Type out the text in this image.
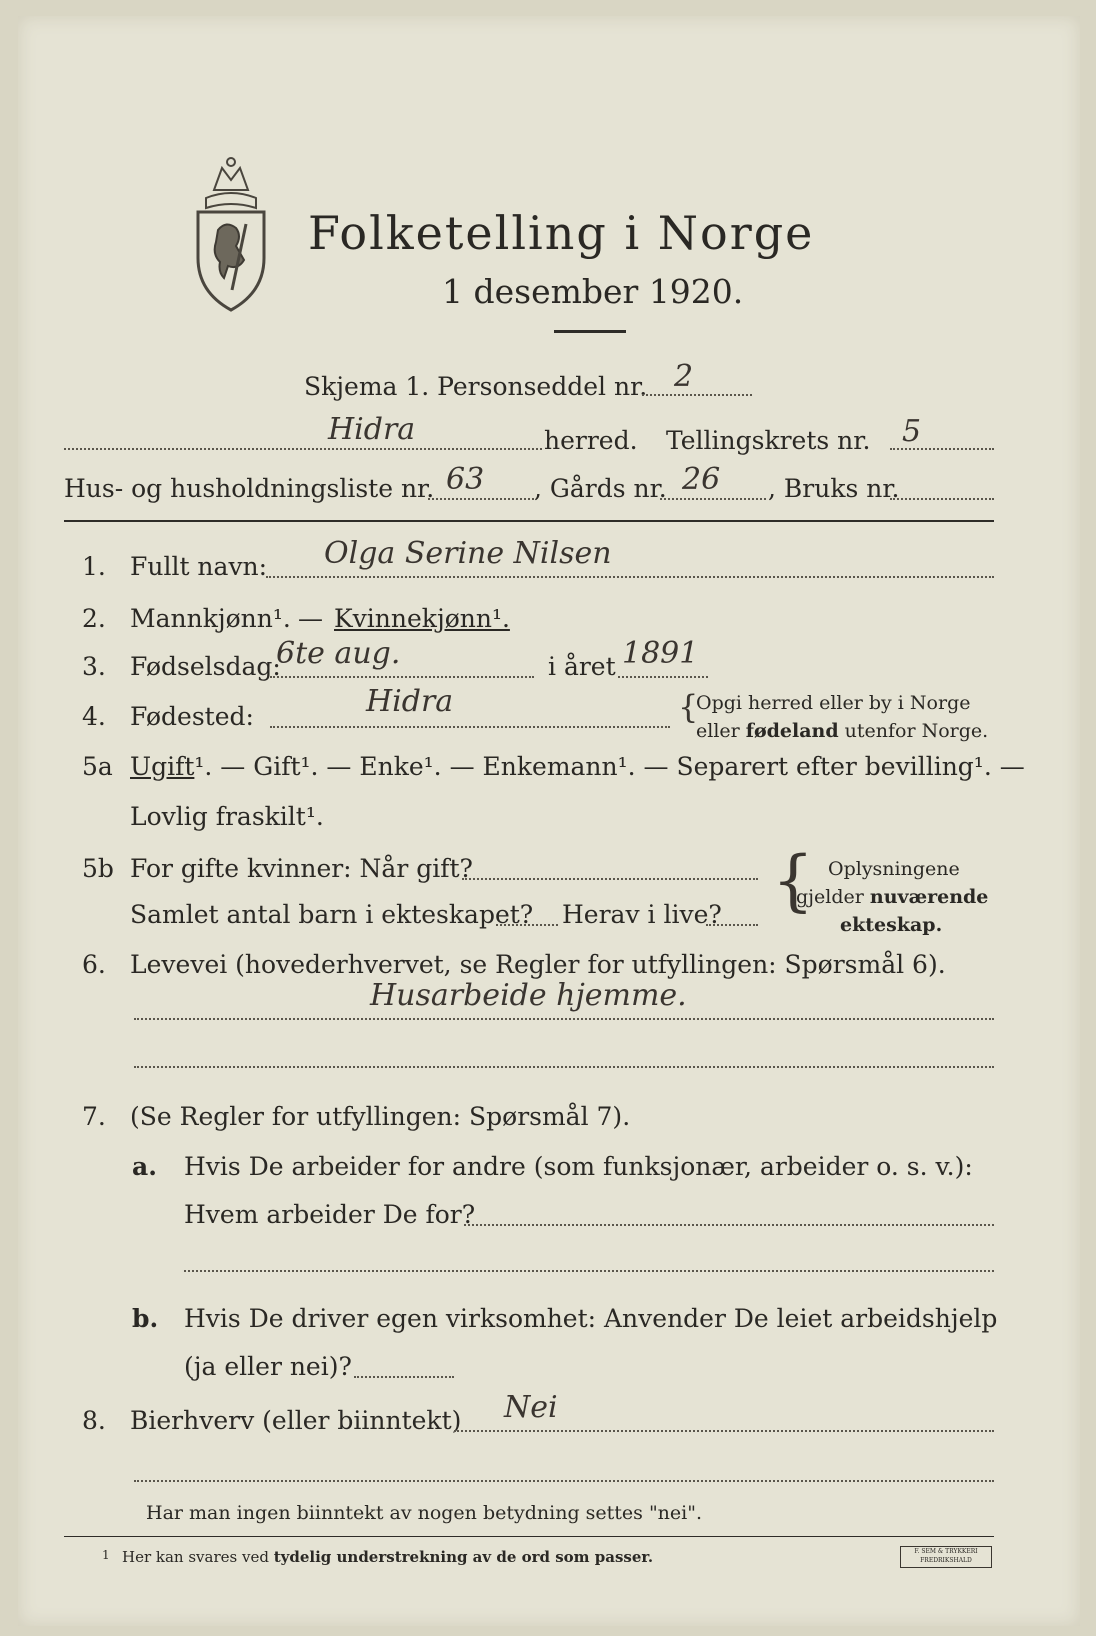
Folketelling i Norge
1 desember 1920.
Skjema 1. Personseddel nr. 2
Hidra	herred. Tellingskrets nr. 5
Hus- og husholdningsliste nr. 63 , Gårds nr. 26 , Bruks nr.
1. Fullt navn: Olga Serine Nilsen
2. Mannkjønn¹. — Kvinnekjønn¹.
3. Fødselsdag:
6te aug.	i året 1891
4. Fødested:	Hidra	{
Opgi herred eller by i Norge
eller fødeland utenfor Norge.
5a Ugift¹. — Gift¹. — Enke¹. — Enkemann¹. — Separert efter bevilling¹. —
Lovlig fraskilt¹.
5b For gifte kvinner: Når gift?
Samlet antal barn i ekteskapet? Herav i live? { Oplysningene
gjelder nuværende
ekteskap.
6. Levevei (hovederhvervet, se Regler for utfyllingen: Spørsmål 6).
Husarbeide hjemme.
7. (Se Regler for utfyllingen: Spørsmål 7).
a. Hvis De arbeider for andre (som funksjonær, arbeider o. s. v.):
Hvem arbeider De for?
b. Hvis De driver egen virksomhet: Anvender De leiet arbeidshjelp
(ja eller nei)?
8. Bierhverv (eller biinntekt) Nei
Har man ingen biinntekt av nogen betydning settes "nei".
1 Her kan svares ved tydelig understrekning av de ord som passer.	F. SEM & TRYKKERI
FREDRIKSHALD
